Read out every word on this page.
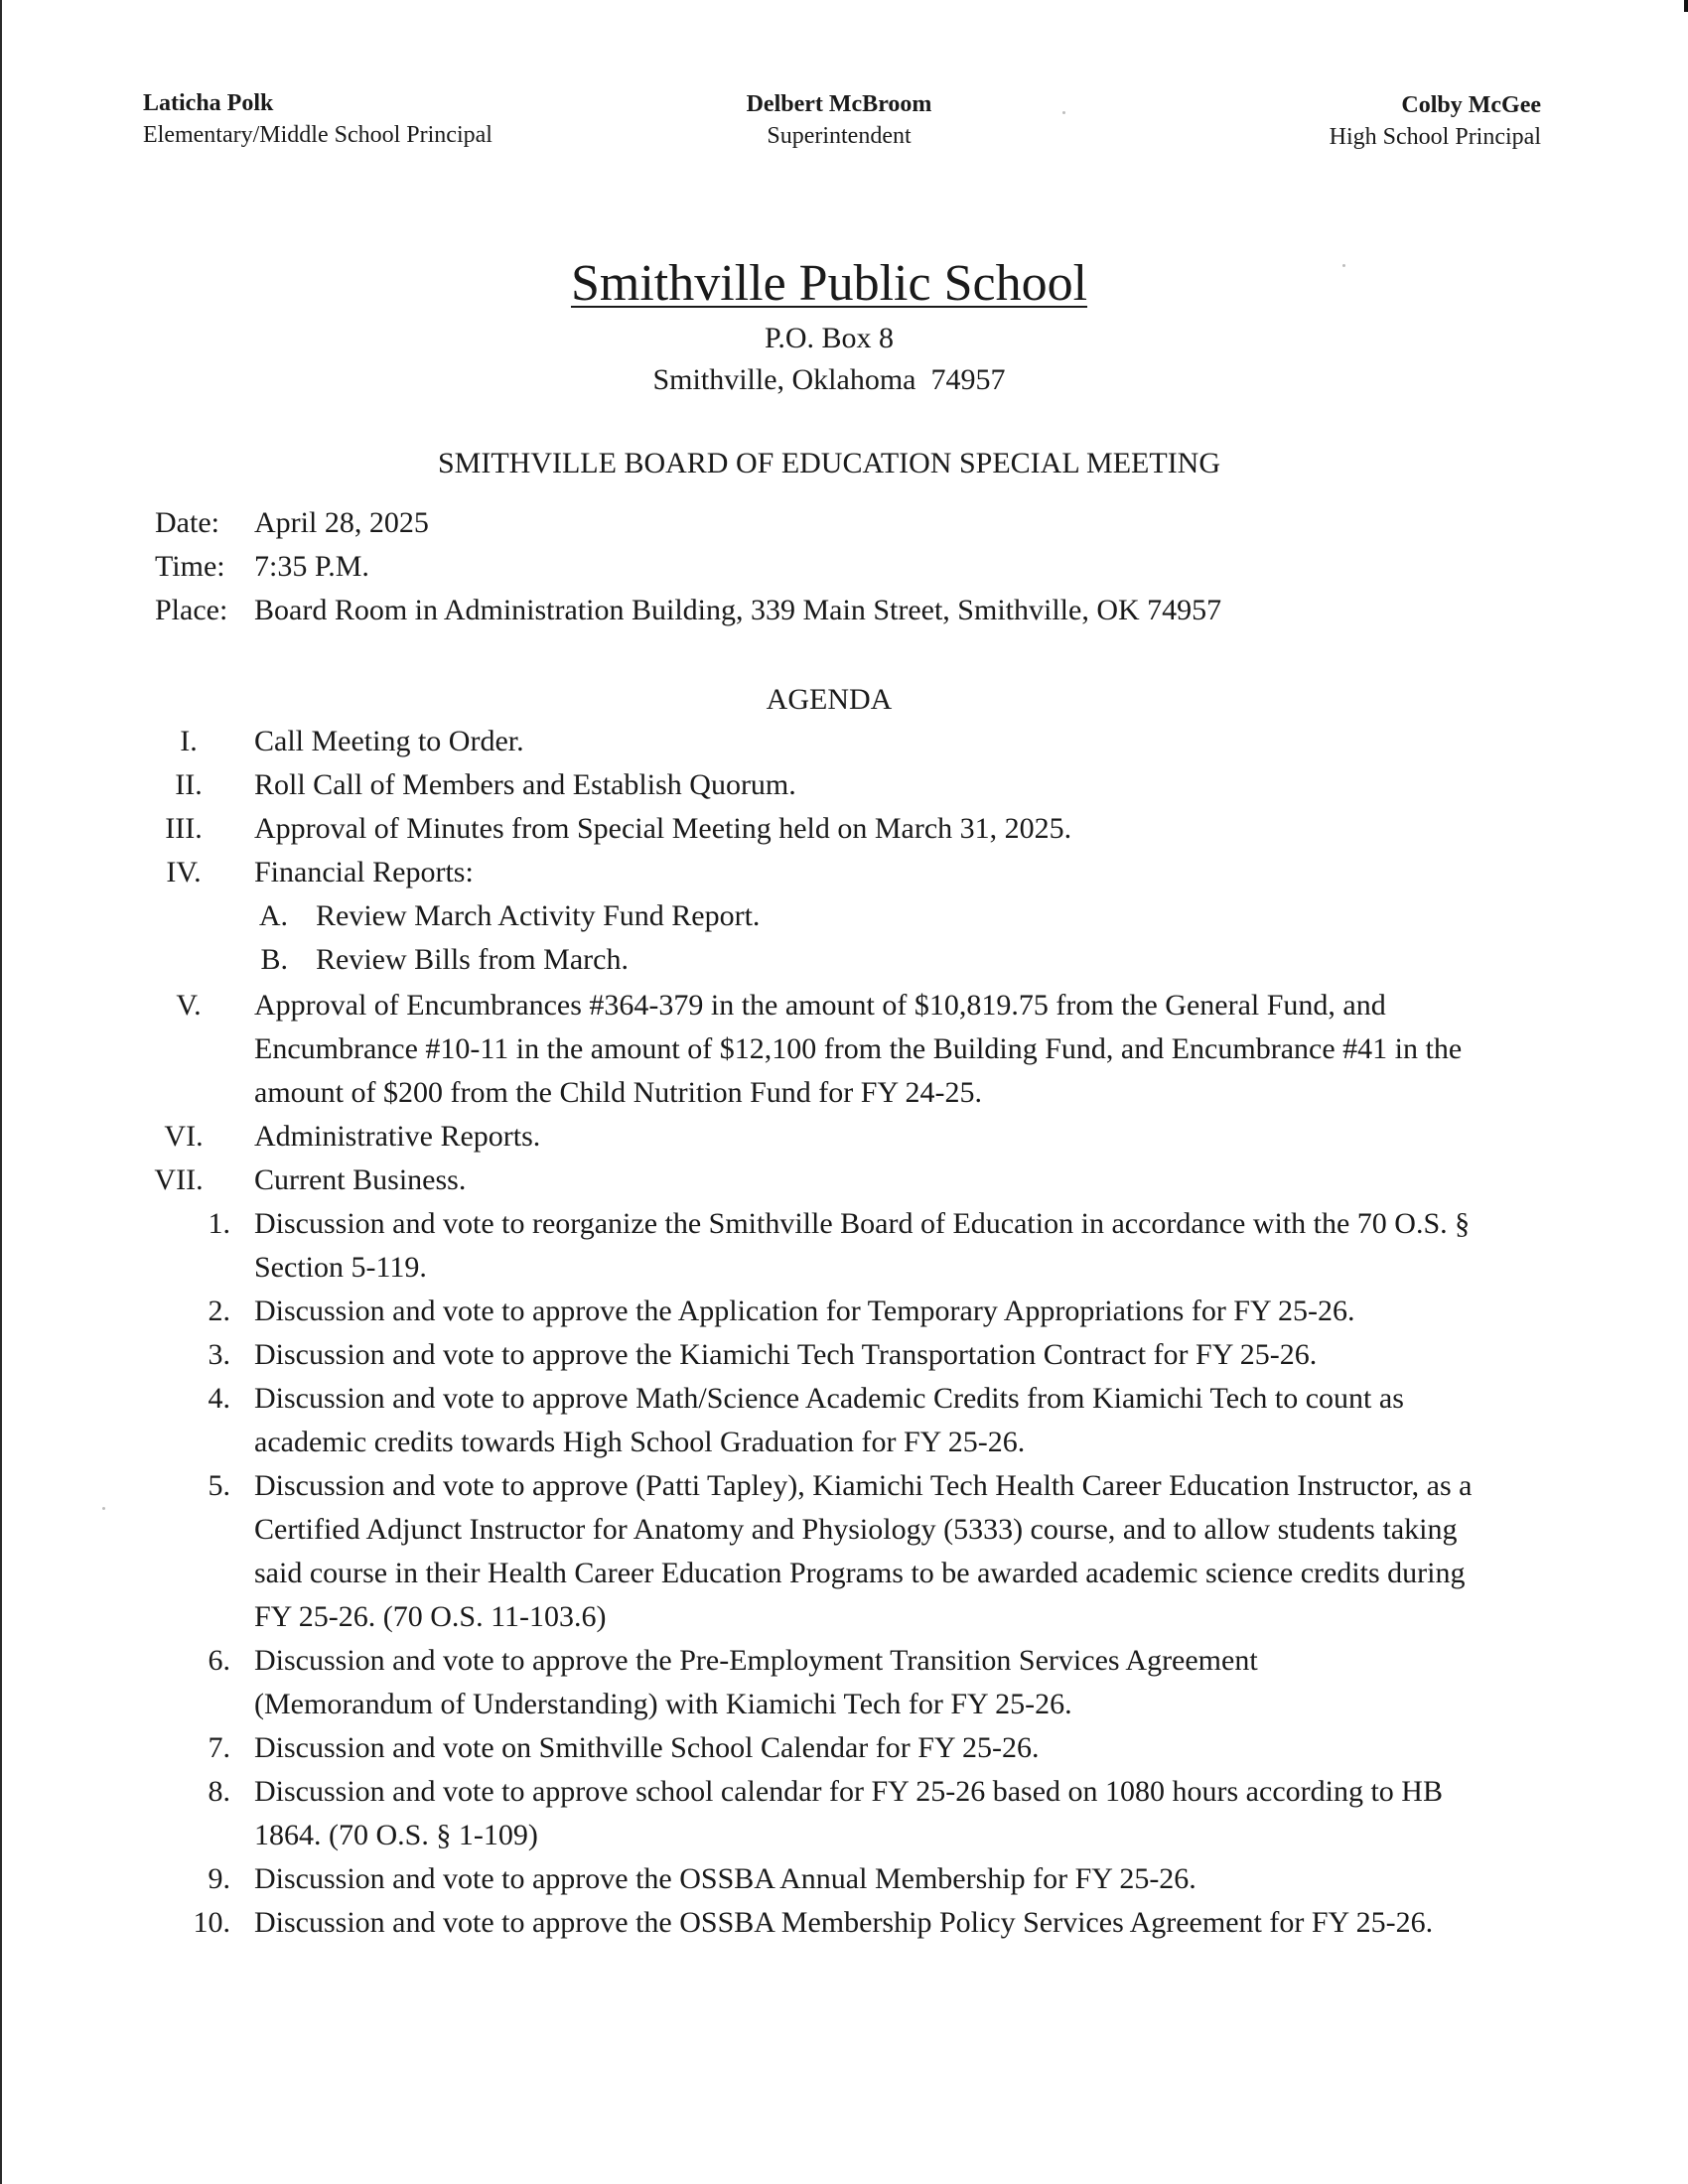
Laticha Polk
Elementary/Middle School Principal
Delbert McBroom
Superintendent
Colby McGee
High School Principal
Smithville Public School
P.O. Box 8
Smithville, Oklahoma  74957
SMITHVILLE BOARD OF EDUCATION SPECIAL MEETING
Date: April 28, 2025
Time: 7:35 P.M.
Place: Board Room in Administration Building, 339 Main Street, Smithville, OK 74957
AGENDA
I.	Call Meeting to Order.
II.	Roll Call of Members and Establish Quorum.
III.	Approval of Minutes from Special Meeting held on March 31, 2025.
IV.	Financial Reports:
A. Review March Activity Fund Report.
B. Review Bills from March.
V.	Approval of Encumbrances #364-379 in the amount of $10,819.75 from the General Fund, and Encumbrance #10-11 in the amount of $12,100 from the Building Fund, and Encumbrance #41 in the amount of $200 from the Child Nutrition Fund for FY 24-25.
VI.	Administrative Reports.
VII. Current Business.
1. Discussion and vote to reorganize the Smithville Board of Education in accordance with the 70 O.S. § Section 5-119.
2. Discussion and vote to approve the Application for Temporary Appropriations for FY 25-26.
3. Discussion and vote to approve the Kiamichi Tech Transportation Contract for FY 25-26.
4. Discussion and vote to approve Math/Science Academic Credits from Kiamichi Tech to count as academic credits towards High School Graduation for FY 25-26.
5. Discussion and vote to approve (Patti Tapley), Kiamichi Tech Health Career Education Instructor, as a Certified Adjunct Instructor for Anatomy and Physiology (5333) course, and to allow students taking said course in their Health Career Education Programs to be awarded academic science credits during FY 25-26. (70 O.S. 11-103.6)
6. Discussion and vote to approve the Pre-Employment Transition Services Agreement (Memorandum of Understanding) with Kiamichi Tech for FY 25-26.
7. Discussion and vote on Smithville School Calendar for FY 25-26.
8. Discussion and vote to approve school calendar for FY 25-26 based on 1080 hours according to HB 1864. (70 O.S. § 1-109)
9. Discussion and vote to approve the OSSBA Annual Membership for FY 25-26.
10. Discussion and vote to approve the OSSBA Membership Policy Services Agreement for FY 25-26.
